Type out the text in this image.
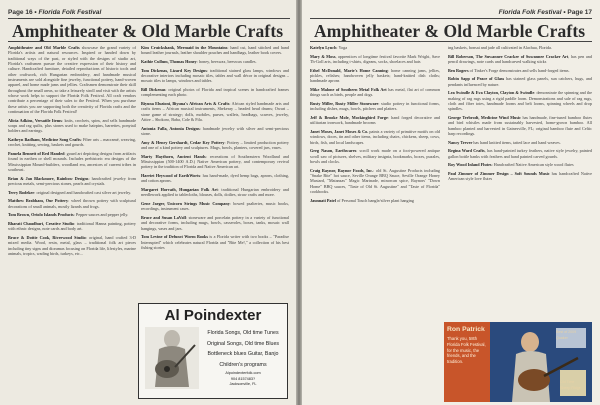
Page 16 • Florida Folk Festival
Amphitheater & Old Marble Crafts

Amphitheater and Old Marble Crafts showcase the grand variety of Florida's artists and natural resources. Inspired or handed down by traditional ways of the past, or styled with the designs of studio art, Florida's craftsmen pursue the creative expression of their history and culture. Handcrafted furniture, detailed reproductions of historic tools and other craftwork, rich Hungarian embroidery, and handmade musical instruments are sold alongside fine jewelry, functional pottery, hand-woven apparel, and home made jams and jellies. Craftsmen demonstrate their skill throughout the small areas, so take a leisurely stroll and visit with the artists whose work helps to support the Florida Folk Festival. All craft vendors contribute a percentage of their sales to the Festival. When you purchase these artists you are supporting both the creativity of Florida crafts and the continuation of the Florida Folk Festival!

Alicia Adkins, Versatile Items: knits, crochets, spins, and sells handmade soaps and rag quilts, plus stones used to make hairpins, barrettes, ponytail holders and earrings.

Kathryn Badham, Medicine Song Crafts: Fiber arts – macramé, weaving, crochet, knitting, sewing, baskets and gourds.

Pamela Bennett of Red Handed: gourd art depicting designs from artifacts found in earthen or shell mounds. Includes prehistoric era designs of the Mississippian Mound-builders, woodland era, ancestors of current tribes in southeast.

Brian & Jan Blackmore, Rainbow Designs: handcrafted jewelry from precious metals, semi-precious stones, pearls and crystals.

Terry Bodeker: original designed and handcrafted cast silver art jewelry.

Matthew Brabham, Our Pottery: wheel thrown pottery with sculptural decorations of small animals, mostly lizards and frogs.

Tom Brown, Oriolo Islands Products: Pepper sauces and pepper jelly.

Bharati Chaudhuri, Creative Studio: traditional Hanna painting, pottery with ethnic designs, note cards and body art.

Bruce & Dottie Cook, Riverwood Studio: original, hand crafted 3-D mixed media. Wood, resin, metal, glass – traditional folk art pieces including tiny signs and dioramas focusing on Florida life, lifestyles, marine animals, tropics, wading birds, turkeys, etc...

Kim Cruickshank, Mermaid in the Mountains: hand cut, hand stitched and hand bound leather journals, leather shoulder pouches and handbags, leather book covers.

Kathie Cullum, Thomas Honey: honey, beeswax, beeswax candles.

Tom Dickenas, Lizard Key Designs: traditional stained glass lamps, windows and decorative interiors including mosaic tiles, tables and wall décor in original designs – mosaic tiles to lamps, windows and tables.

Bill Dickenas: original photos of Florida and tropical scenes in handcrafted frames complementing each photo.

Biyuna Eluzioni, Biyuna's African Arts & Crafts: African styled handmade arts and crafts items – African musical instruments, Shekeray – beaded head drums; Owari – stone game of strategy; dolls, mobiles, purses, wallets, headbags, scarves, jewelry, Attire – Shokoro, Baba, Cole & Fila.

Antonia Falla, Antonia Designs: handmade jewelry with silver and semi-precious stone.

Amy & Henry Gershardt, Cedar Key Pottery: Pottery – limited production pottery and one of a kind pottery and sculptures. Mugs, bowls, planters, covered jars, vases.

Marty Haythorn, Ancient Hands: recreations of Southeastern Woodland and Mississippian (500-1400 A.D.) Native American pottery, and contemporary revival pottery in the tradition of Florida and Native American art.

Harriet Heywood of EarthWorts: has hand-made, dyed hemp bags, aprons, clothing, and cotton aprons.

Margaret Horvath, Hungarian Folk Art: traditional Hungarian embroidery and needlework applied to tablecloths, blouses, dolls, doilies, straw crafts and more.

Gene Jaeger, Unicorn Strings Music Company: bowed psalteries, music books, recordings, instrument cases.

Bruce and Susan LaVoll: stoneware and porcelain pottery in a variety of functional and decorative forms, including mugs, bowls, casseroles, boxes, tanks, mosaic wall hangings, vases and jars.

Tom Levine of Defunct Worm Books is a Florida writer with two books – "Paradise Interrupted" which celebrates natural Florida and "Bite Me!," a collection of his best fishing stories

Al Poindexter
Florida Songs, Old time Tunes
Original Songs, Old time Blues
Bottleneck blues Guitar, Banjo
Children's programs
Alpoindexterfolk.com
904 8157483?
Jacksonville, FL
Florida Folk Festival • Page 17
Amphitheater & Old Marble Crafts

Katelyn Lynch: Yoga

Mary & Moss, apprentices of longtime festival favorite Mark Wright, Save Th-Goll arts, including t-shirts, digeans, socks, shoelaces and hats

Ethel McDonald, Marie's Home Canning: home canning jams, jellies, pickles, relishes; handwoven jelly baskets; hand-knitted dish cloths; handmade aprons

Mike Malone of Southern Metal Folk Art has metal, flat art of common things such as birds, people and dogs.

Rusty Miller, Rusty Miller Stoneware: studio pottery in functional forms, including dishes, mugs, bowls, pitchers and platters.

Jeff & Brooke Mole, Mockingbird Forge: hand forged decorative and utilitarian ironwork, handmade brooms

Janet Moses, Janet Moses & Co. paints a variety of primitive motifs on old windows, doors, tin and other items, including chairs, chickens, sheep, cows, birds, fish, and local landscapes.

Greg Nason, Earthwares: scroll work made on a foot-powered antique scroll saw of pictures, shelves, military insignia, bookmarks, boxes, puzzles, bowls and clocks.

Craig Raynor, Raynor Foods, Inc.: old St. Augustine Products including "Snake Bite" hot sauce, Seville Orange BBQ Sauce, Seville Orange Honey Mustard, "Matanzas" Magic Marinade, minorcan spice, Raynors' "Down Home" BBQ sauces, "Taste of Old St. Augustine" and "Taste of Florida" cookbooks.

Jaunnati Patel of Personal Touch bangle/silver plant hanging

ing baskets, bonsai and jade all cultivated in Alachua, Florida.

Bill Roberson, The Suwannee Cracker of Suwannee Cracker Art, has pen and pencil drawings, note cards and handcarved walking sticks

Ben Rogers of Tinker's Forge demonstrates and sells hand-forged items.

Robin Sapp of Peace of Glass has stained glass panels, sun catchers, hugs, and pendants influenced by nature.

Lea Swindle & Eva Clayton, Clayton & Swindle: demonstrate the spinning and the making of rag rugs using a rigid paddle loom. Demonstrations and sale of rag rugs, cloth and fiber totes, handmade looms and belt looms, spinning wheels and drop spindles.

George Terbrodt, Medicine Wind Music has handmade, fine-tuned bamboo flutes and bird whistles made from sustainably harvested, home-grown bamboo. All bamboo planted and harvested in Gainesville, FL; original bamboo flute and Celtic harp recordings.

Nancy Trever has hand knitted items, tatted lace and hand weaves.

Regina Ward Crafts, has hand-painted turkey feathers, native style jewelry, painted gallon bottle banks with feathers and hand painted carved gourds.

Roy Wood Inland Flutes: Handcrafted Native American style wood flutes

Paul Zimmer of Zimmer Design – Soft Sounds Music has handcrafted Native American style love flutes

Ron Patrick
Thank you, 58th Florida Folk Festival, for the music, the friends, and the tradition.
Best of 2009
Quaker
Old Time
Sheep Ridge
